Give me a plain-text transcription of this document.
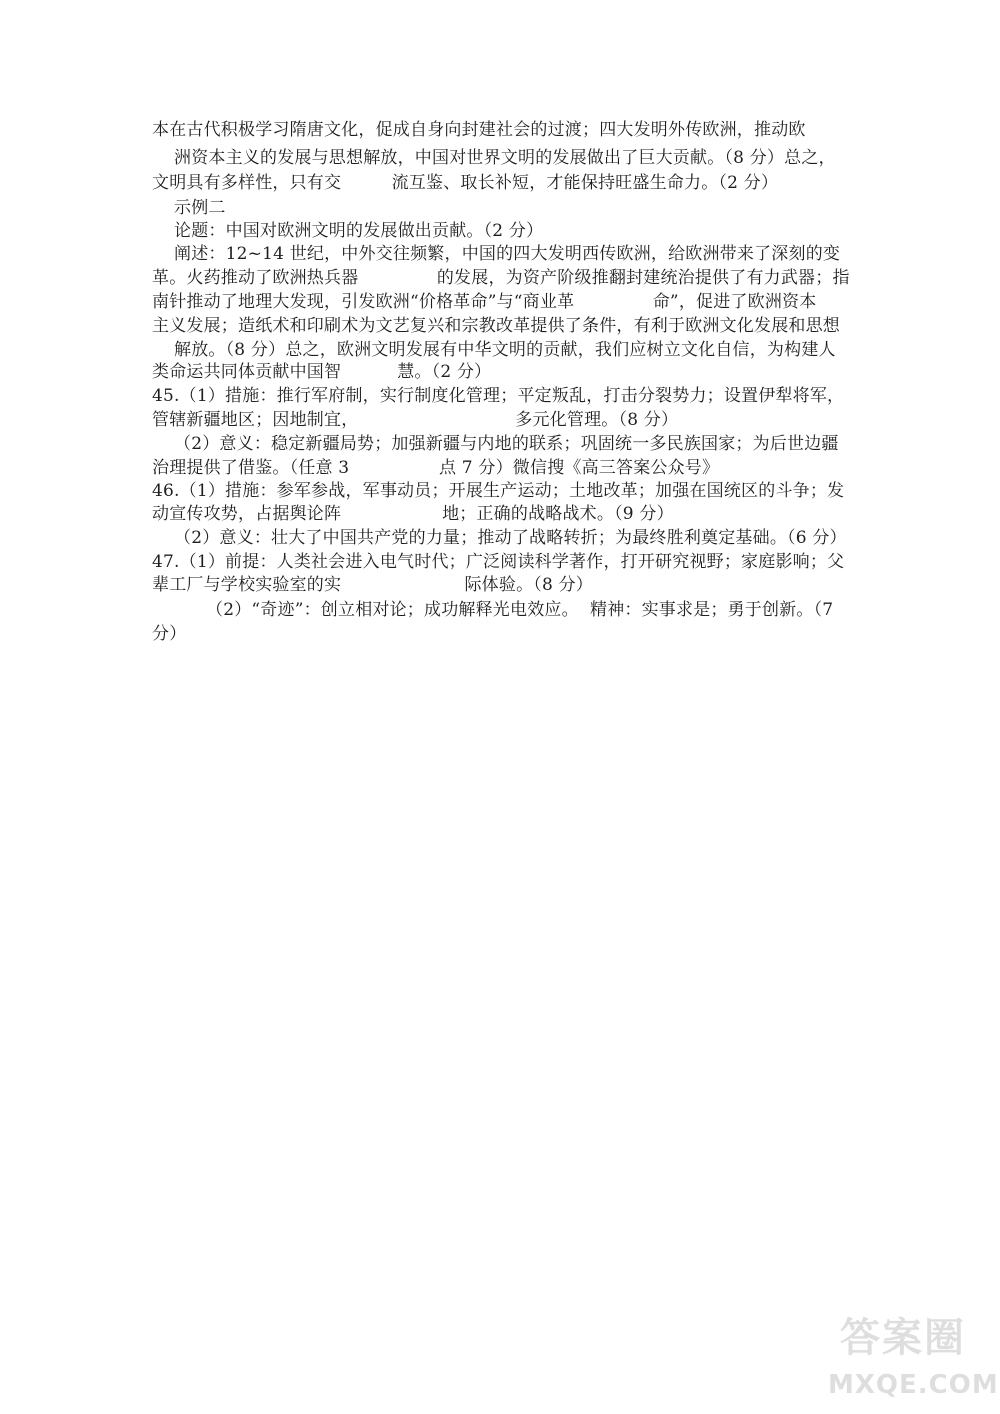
本在古代积极学习隋唐文化，促成自身向封建社会的过渡；四大发明外传欧洲，推动欧
洲资本主义的发展与思想解放，中国对世界文明的发展做出了巨大贡献。（8 分）总之，
文明具有多样性，只有交         流互鉴、取长补短，才能保持旺盛生命力。（2 分）
示例二
论题：中国对欧洲文明的发展做出贡献。（2 分）
阐述：12~14 世纪，中外交往频繁，中国的四大发明西传欧洲，给欧洲带来了深刻的变
革。火药推动了欧洲热兵器              的发展，为资产阶级推翻封建统治提供了有力武器；指
南针推动了地理大发现，引发欧洲“价格革命”与“商业革              命”，促进了欧洲资本
主义发展；造纸术和印刷术为文艺复兴和宗教改革提供了条件，有利于欧洲文化发展和思想
解放。（8 分）总之，欧洲文明发展有中华文明的贡献，我们应树立文化自信，为构建人
类命运共同体贡献中国智          慧。（2 分）
45.（1）措施：推行军府制，实行制度化管理；平定叛乱，打击分裂势力；设置伊犁将军，
管辖新疆地区；因地制宜，                            多元化管理。（8 分）
（2）意义：稳定新疆局势；加强新疆与内地的联系；巩固统一多民族国家；为后世边疆
治理提供了借鉴。（任意 3                点 7 分）微信搜《高三答案公众号》
46.（1）措施：参军参战，军事动员；开展生产运动；土地改革；加强在国统区的斗争；发
动宣传攻势，占据舆论阵                  地；正确的战略战术。（9 分）
（2）意义：壮大了中国共产党的力量；推动了战略转折；为最终胜利奠定基础。（6 分）
47.（1）前提：人类社会进入电气时代；广泛阅读科学著作，打开研究视野；家庭影响；父
辈工厂与学校实验室的实                      际体验。（8 分）
（2）“奇迹”：创立相对论；成功解释光电效应。  精神：实事求是；勇于创新。（7
分）
答案圈
MXQE.COM
